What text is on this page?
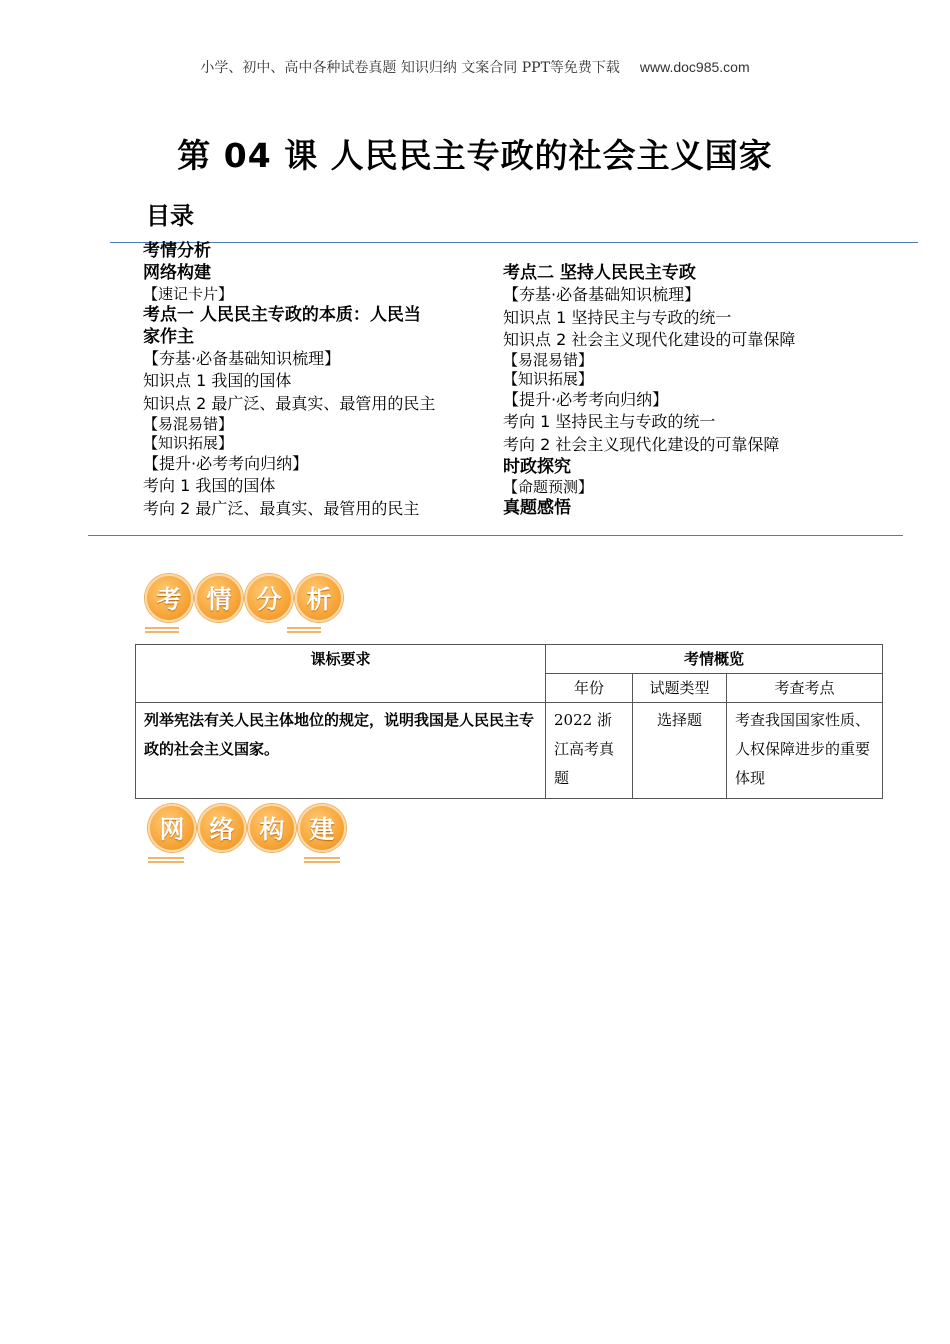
小学、初中、高中各种试卷真题 知识归纳 文案合同 PPT等免费下载 www.doc985.com
第 04 课 人民民主专政的社会主义国家
目录
考情分析
网络构建
【速记卡片】
考点一 人民民主专政的本质：人民当
家作主
【夯基·必备基础知识梳理】
知识点 1 我国的国体
知识点 2 最广泛、最真实、最管用的民主
【易混易错】
【知识拓展】
【提升·必考考向归纳】
考向 1 我国的国体
考向 2 最广泛、最真实、最管用的民主
考点二 坚持人民民主专政
【夯基·必备基础知识梳理】
知识点 1 坚持民主与专政的统一
知识点 2 社会主义现代化建设的可靠保障
【易混易错】
【知识拓展】
【提升·必考考向归纳】
考向 1 坚持民主与专政的统一
考向 2 社会主义现代化建设的可靠保障
时政探究
【命题预测】
真题感悟
考 情 分 析
课标要求	考情概览		
	年份	试题类型	考查考点
列举宪法有关人民主体地位的规定，说明我国是人民民主专政的社会主义国家。	2022 浙江高考真题	选择题	考查我国国家性质、人权保障进步的重要体现
网 络 构 建
